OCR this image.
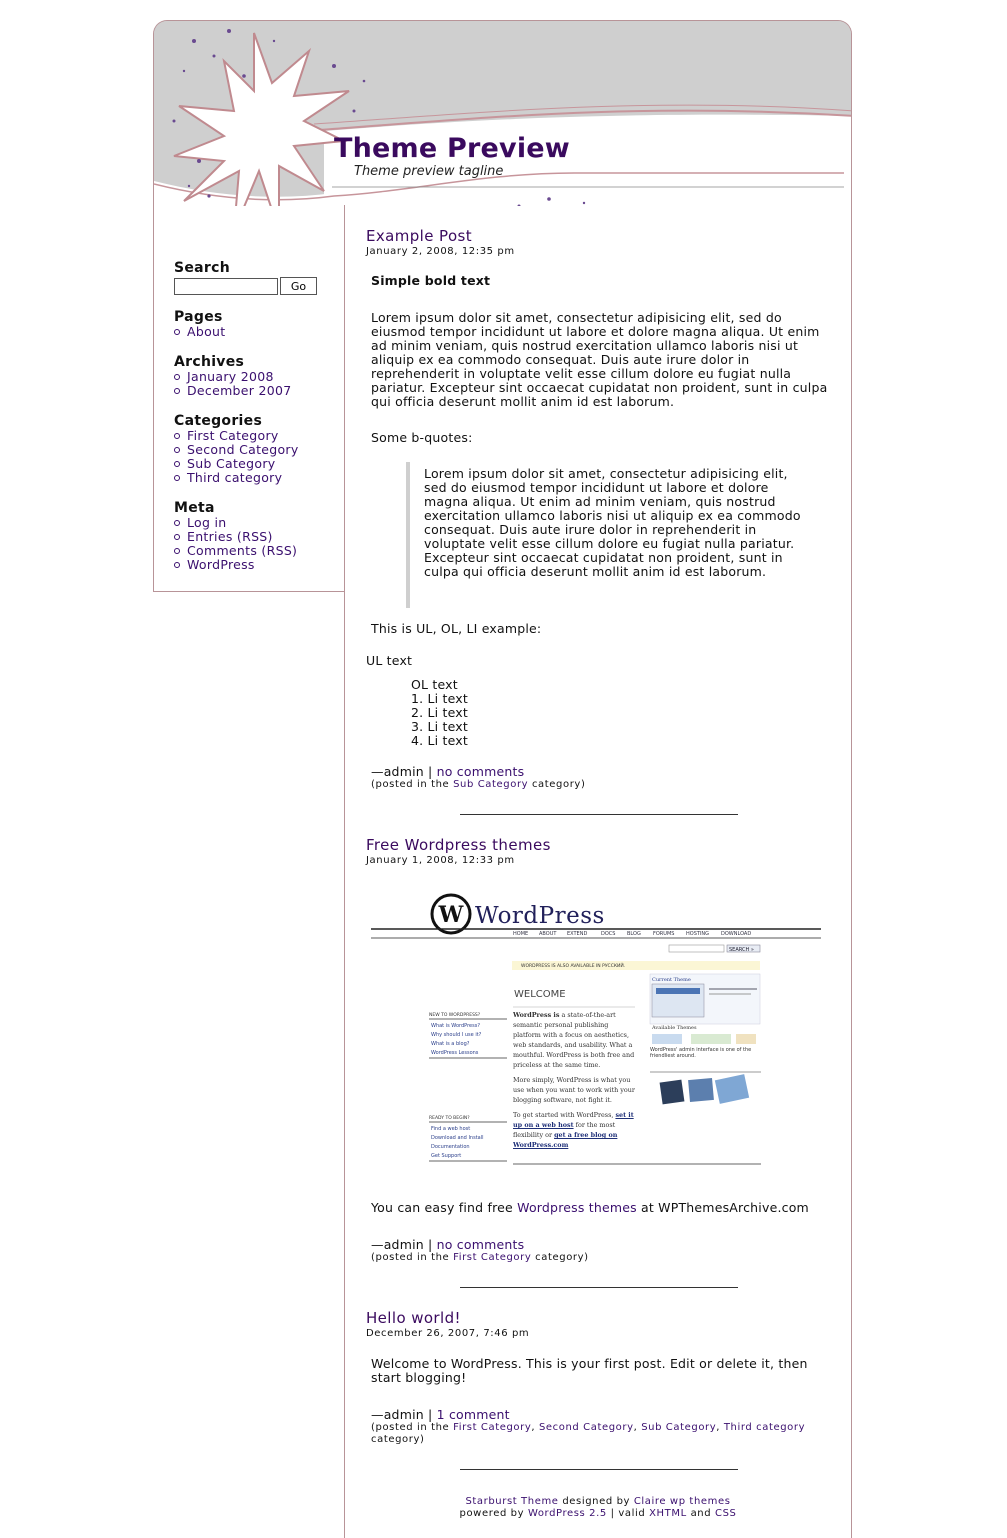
Theme Preview
Theme preview tagline
Search
Go
Pages
About
Archives
January 2008
December 2007
Categories
First Category
Second Category
Sub Category
Third category
Meta
Log in
Entries (RSS)
Comments (RSS)
WordPress
Example Post
January 2, 2008, 12:35 pm
Simple bold text
Lorem ipsum dolor sit amet, consectetur adipisicing elit, sed do eiusmod tempor incididunt ut labore et dolore magna aliqua. Ut enim ad minim veniam, quis nostrud exercitation ullamco laboris nisi ut aliquip ex ea commodo consequat. Duis aute irure dolor in reprehenderit in voluptate velit esse cillum dolore eu fugiat nulla pariatur. Excepteur sint occaecat cupidatat non proident, sunt in culpa qui officia deserunt mollit anim id est laborum.
Some b-quotes:
Lorem ipsum dolor sit amet, consectetur adipisicing elit, sed do eiusmod tempor incididunt ut labore et dolore magna aliqua. Ut enim ad minim veniam, quis nostrud exercitation ullamco laboris nisi ut aliquip ex ea commodo consequat. Duis aute irure dolor in reprehenderit in voluptate velit esse cillum dolore eu fugiat nulla pariatur. Excepteur sint occaecat cupidatat non proident, sunt in culpa qui officia deserunt mollit anim id est laborum.
This is UL, OL, LI example:
UL text
OL text
1. Li text
2. Li text
3. Li text
4. Li text
—admin | no comments
(posted in the Sub Category category)
Free Wordpress themes
January 1, 2008, 12:33 pm
W WordPress
HOME ABOUT EXTEND	DOCS BLOG FORUMS HOSTING DOWNLOAD
SEARCH »
WORDPRESS IS ALSO AVAILABLE IN РУССКИЙ.
WELCOME
NEW TO WORDPRESS?
What is WordPress?
Why should I use it?
What is a blog?
WordPress Lessons
READY TO BEGIN?
Find a web host
Download and Install
Documentation
Get Support
WordPress is a state-of-the-art semantic personal publishing platform with a focus on aesthetics, web standards, and usability. What a mouthful. WordPress is both free and priceless at the same time.
More simply, WordPress is what you use when you want to work with your blogging software, not fight it.
To get started with WordPress, set it up on a web host for the most flexibility or get a free blog on WordPress.com
Current Theme
Available Themes
WordPress' admin interface is one of the friendliest around.
You can easy find free Wordpress themes at WPThemesArchive.com
—admin | no comments
(posted in the First Category category)
Hello world!
December 26, 2007, 7:46 pm
Welcome to WordPress. This is your first post. Edit or delete it, then start blogging!
—admin | 1 comment
(posted in the First Category, Second Category, Sub Category, Third category category)
Starburst Theme designed by Claire wp themes
powered by WordPress 2.5 | valid XHTML and CSS
